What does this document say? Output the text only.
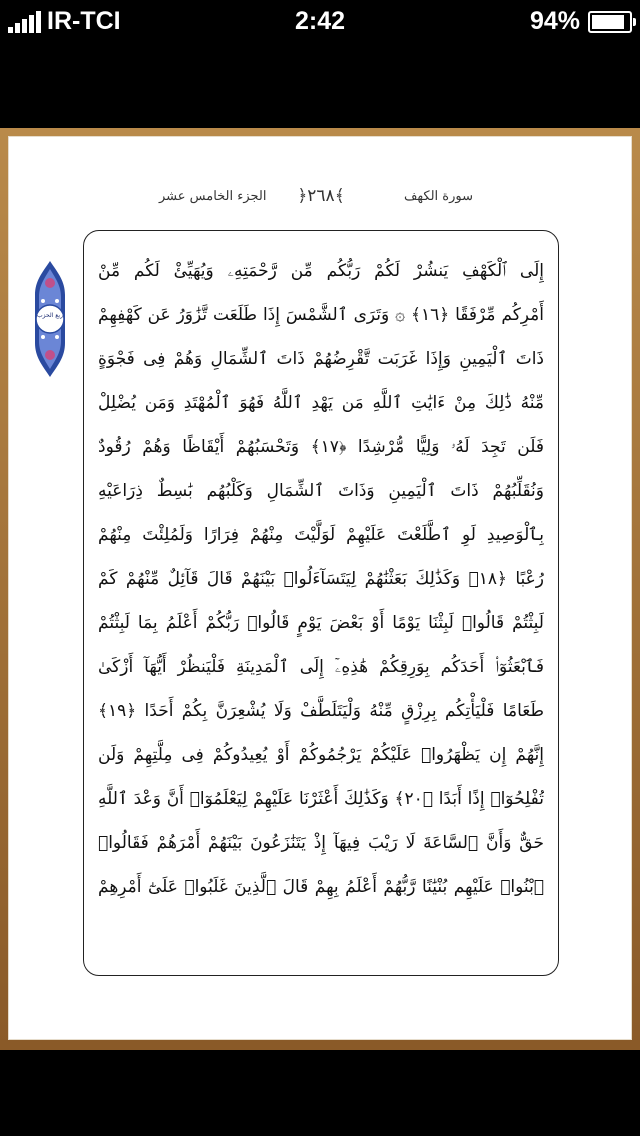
IR-TCI	2:42	94%
الجزء الخامس عشر	﴿٢٦٨﴾	سورة الكهف
ربع الحزب
إِلَى ٱلْكَهْفِ يَنشُرْ لَكُمْ رَبُّكُم مِّن رَّحْمَتِهِۦ وَيُهَيِّئْ لَكُم مِّنْ
أَمْرِكُم مِّرْفَقًا ﴿١٦﴾ ۞ وَتَرَى ٱلشَّمْسَ إِذَا طَلَعَت تَّزَٰوَرُ عَن كَهْفِهِمْ
ذَاتَ ٱلْيَمِينِ وَإِذَا غَرَبَت تَّقْرِضُهُمْ ذَاتَ ٱلشِّمَالِ وَهُمْ فِى فَجْوَةٍ
مِّنْهُ ذَٰلِكَ مِنْ ءَايَٰتِ ٱللَّهِ مَن يَهْدِ ٱللَّهُ فَهُوَ ٱلْمُهْتَدِ وَمَن يُضْلِلْ
فَلَن تَجِدَ لَهُۥ وَلِيًّا مُّرْشِدًا ﴿١٧﴾ وَتَحْسَبُهُمْ أَيْقَاظًا وَهُمْ رُقُودٌ
وَنُقَلِّبُهُمْ ذَاتَ ٱلْيَمِينِ وَذَاتَ ٱلشِّمَالِ وَكَلْبُهُم بَٰسِطٌ ذِرَاعَيْهِ
بِٱلْوَصِيدِ لَوِ ٱطَّلَعْتَ عَلَيْهِمْ لَوَلَّيْتَ مِنْهُمْ فِرَارًا وَلَمُلِئْتَ مِنْهُمْ
رُعْبًا ﴿١٨﴾ وَكَذَٰلِكَ بَعَثْنَٰهُمْ لِيَتَسَآءَلُوا۟ بَيْنَهُمْ قَالَ قَآئِلٌ مِّنْهُمْ كَمْ
لَبِثْتُمْ قَالُوا۟ لَبِثْنَا يَوْمًا أَوْ بَعْضَ يَوْمٍ قَالُوا۟ رَبُّكُمْ أَعْلَمُ بِمَا لَبِثْتُمْ
فَٱبْعَثُوٓا۟ أَحَدَكُم بِوَرِقِكُمْ هَٰذِهِۦٓ إِلَى ٱلْمَدِينَةِ فَلْيَنظُرْ أَيُّهَآ أَزْكَىٰ
طَعَامًا فَلْيَأْتِكُم بِرِزْقٍ مِّنْهُ وَلْيَتَلَطَّفْ وَلَا يُشْعِرَنَّ بِكُمْ أَحَدًا ﴿١٩﴾
إِنَّهُمْ إِن يَظْهَرُوا۟ عَلَيْكُمْ يَرْجُمُوكُمْ أَوْ يُعِيدُوكُمْ فِى مِلَّتِهِمْ وَلَن
تُفْلِحُوٓا۟ إِذًا أَبَدًا ﴿٢٠﴾ وَكَذَٰلِكَ أَعْثَرْنَا عَلَيْهِمْ لِيَعْلَمُوٓا۟ أَنَّ وَعْدَ ٱللَّهِ
حَقٌّ وَأَنَّ ٱلسَّاعَةَ لَا رَيْبَ فِيهَآ إِذْ يَتَنَٰزَعُونَ بَيْنَهُمْ أَمْرَهُمْ فَقَالُوا۟
ٱبْنُوا۟ عَلَيْهِم بُنْيَٰنًا رَّبُّهُمْ أَعْلَمُ بِهِمْ قَالَ ٱلَّذِينَ غَلَبُوا۟ عَلَىٰٓ أَمْرِهِمْ
